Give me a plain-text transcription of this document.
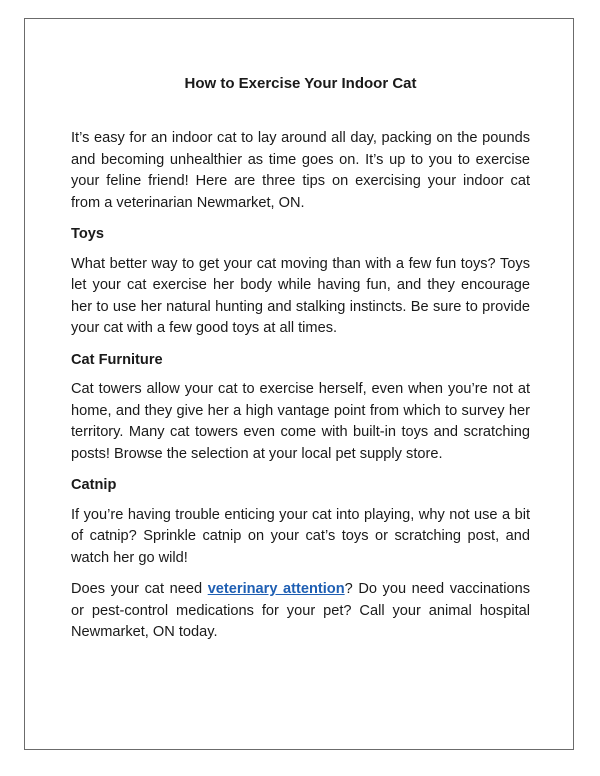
How to Exercise Your Indoor Cat

It’s easy for an indoor cat to lay around all day, packing on the pounds and becoming unhealthier as time goes on. It’s up to you to exercise your feline friend! Here are three tips on exercising your indoor cat from a veterinarian Newmarket, ON.

Toys

What better way to get your cat moving than with a few fun toys? Toys let your cat exercise her body while having fun, and they encourage her to use her natural hunting and stalking instincts. Be sure to provide your cat with a few good toys at all times.

Cat Furniture

Cat towers allow your cat to exercise herself, even when you’re not at home, and they give her a high vantage point from which to survey her territory. Many cat towers even come with built-in toys and scratching posts! Browse the selection at your local pet supply store.

Catnip

If you’re having trouble enticing your cat into playing, why not use a bit of catnip? Sprinkle catnip on your cat’s toys or scratching post, and watch her go wild!

Does your cat need veterinary attention? Do you need vaccinations or pest-control medications for your pet? Call your animal hospital Newmarket, ON today.
